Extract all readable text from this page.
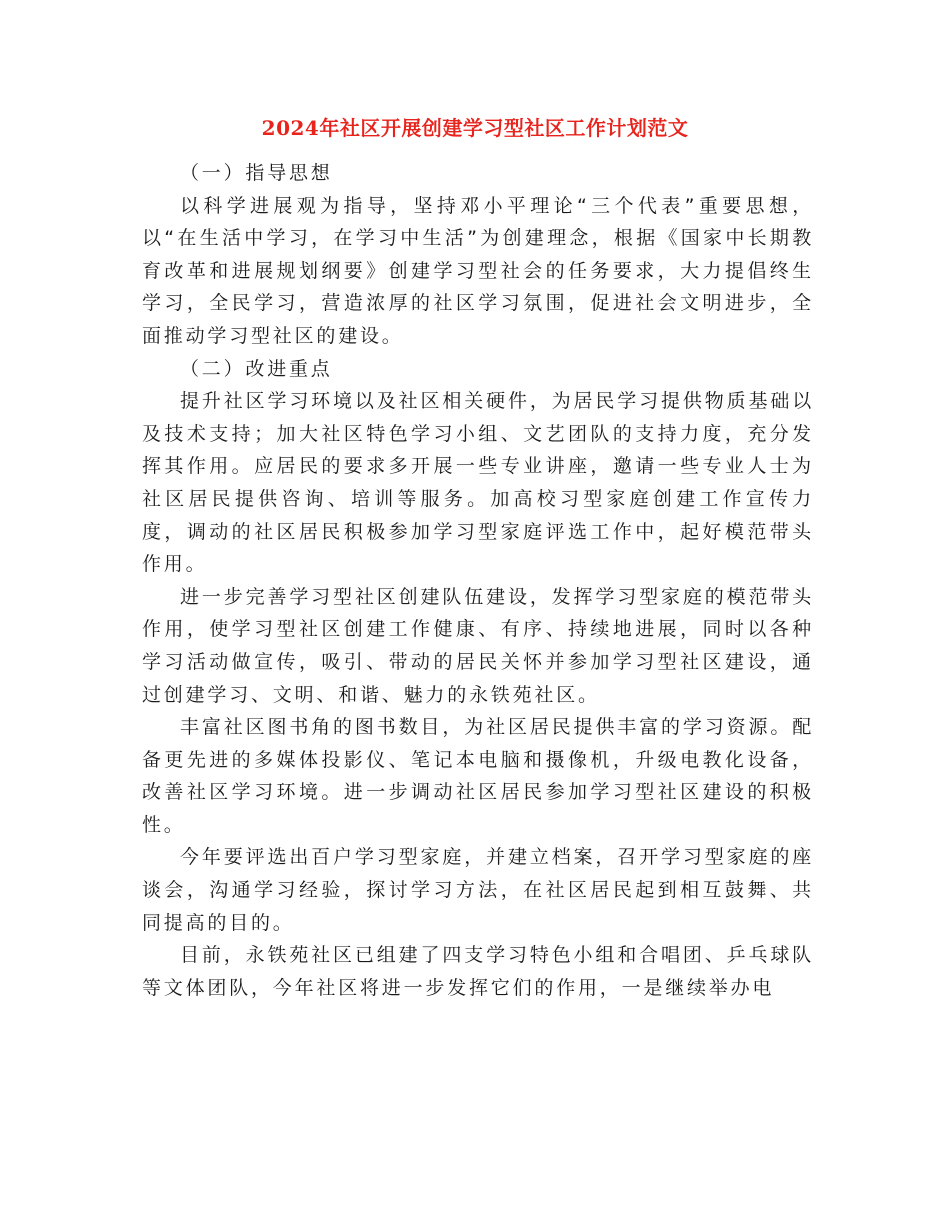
2024年社区开展创建学习型社区工作计划范文

（一）指导思想

以科学进展观为指导，坚持邓小平理论“三个代表”重要思想，以“在生活中学习，在学习中生活”为创建理念，根据《国家中长期教育改革和进展规划纲要》创建学习型社会的任务要求，大力提倡终生学习，全民学习，营造浓厚的社区学习氛围，促进社会文明进步，全面推动学习型社区的建设。

（二）改进重点

提升社区学习环境以及社区相关硬件，为居民学习提供物质基础以及技术支持；加大社区特色学习小组、文艺团队的支持力度，充分发挥其作用。应居民的要求多开展一些专业讲座，邀请一些专业人士为社区居民提供咨询、培训等服务。加高校习型家庭创建工作宣传力度，调动的社区居民积极参加学习型家庭评选工作中，起好模范带头作用。

进一步完善学习型社区创建队伍建设，发挥学习型家庭的模范带头作用，使学习型社区创建工作健康、有序、持续地进展，同时以各种学习活动做宣传，吸引、带动的居民关怀并参加学习型社区建设，通过创建学习、文明、和谐、魅力的永铁苑社区。

丰富社区图书角的图书数目，为社区居民提供丰富的学习资源。配备更先进的多媒体投影仪、笔记本电脑和摄像机，升级电教化设备，改善社区学习环境。进一步调动社区居民参加学习型社区建设的积极性。

今年要评选出百户学习型家庭，并建立档案，召开学习型家庭的座谈会，沟通学习经验，探讨学习方法，在社区居民起到相互鼓舞、共同提高的目的。

目前，永铁苑社区已组建了四支学习特色小组和合唱团、乒乓球队等文体团队，今年社区将进一步发挥它们的作用，一是继续举办电
